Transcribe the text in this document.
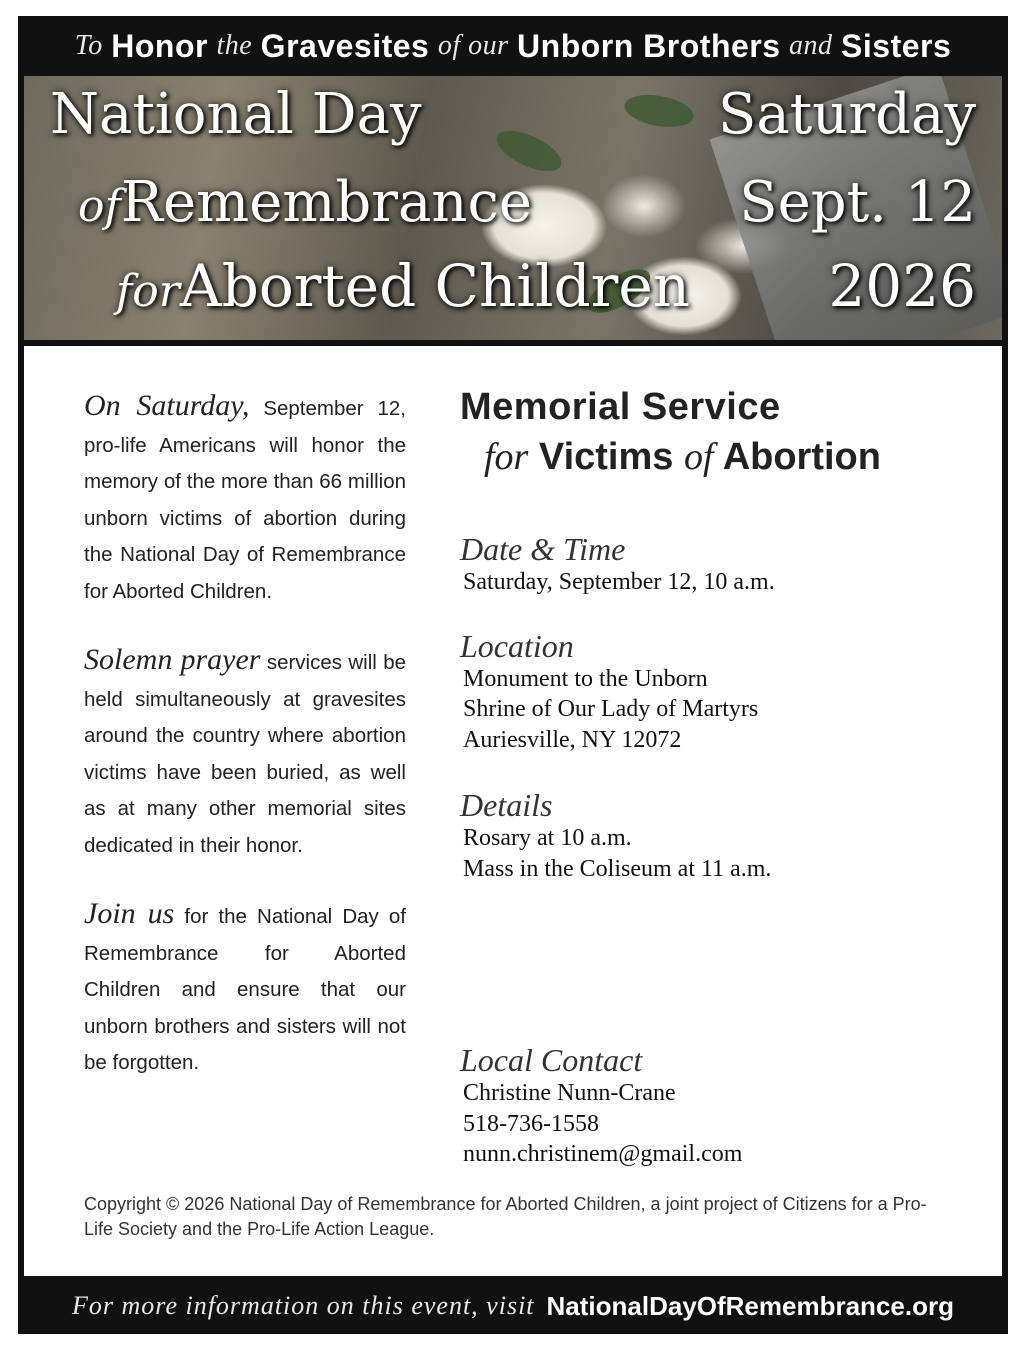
To
Honor
the
Gravesites
of our
Unborn Brothers
and
Sisters
National Day
ofRemembrance
forAborted Children
Saturday
Sept. 12
2026

On Saturday, September 12, pro-life Americans will honor the memory of the more than 66 million unborn victims of abortion during the National Day of Remembrance for Aborted Children.

Solemn prayer services will be held simultaneously at gravesites around the country where abortion victims have been buried, as well as at many other memorial sites dedicated in their honor.

Join us for the National Day of Remembrance for Aborted Children and ensure that our unborn brothers and sisters will not be forgotten.

Memorial Service
for Victims of Abortion
Date & Time
Saturday, September 12, 10 a.m.
Location
Monument to the Unborn
Shrine of Our Lady of Martyrs
Auriesville, NY 12072
Details
Rosary at 10 a.m.
Mass in the Coliseum at 11 a.m.
Local Contact
Christine Nunn-Crane
518-736-1558
nunn.christinem@gmail.com
Copyright © 2026 National Day of Remembrance for Aborted Children, a joint project of Citizens for a Pro-Life Society and the Pro-Life Action League.
For more information on this event, visit NationalDayOfRemembrance.org
